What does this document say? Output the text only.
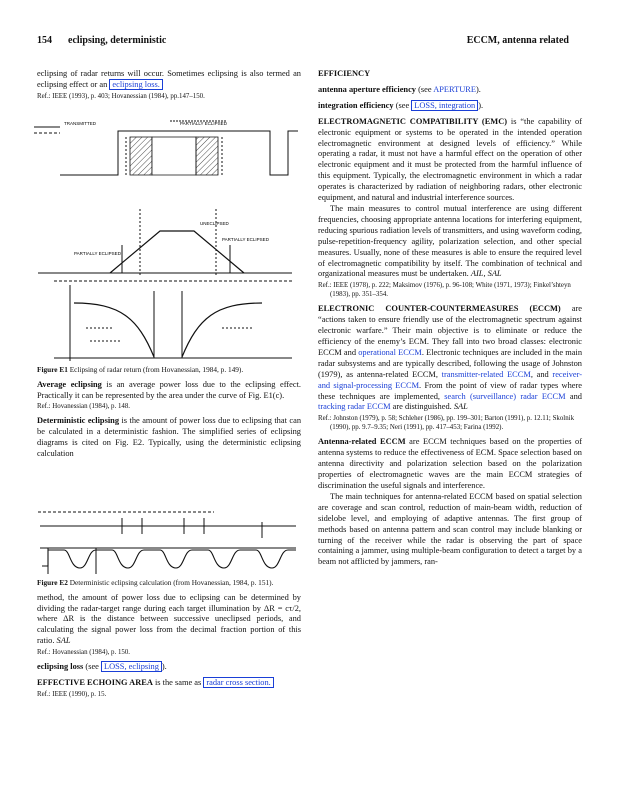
154 eclipsing, deterministic	ECCM, antenna related

eclipsing of radar returns will occur. Sometimes eclipsing is also termed an eclipsing effect or an eclipsing loss.

Ref.: IEEE (1993), p. 403; Hovanessian (1984), pp.147–150.
TRANSMITTED	PARTIALLY ECLIPSED
UNECLIPSED
PARTIALLY ECLIPSED
PARTIALLY ECLIPSED
Figure E1 Eclipsing of radar return (from Hovanessian, 1984, p. 149).

Average eclipsing is an average power loss due to the eclipsing effect. Practically it can be represented by the area under the curve of Fig. E1(c).

Ref.: Hovanessian (1984), p. 148.

Deterministic eclipsing is the amount of power loss due to eclipsing that can be calculated in a deterministic fashion. The simplified series of eclipsing diagrams is cited on Fig. E2. Typically, using the deterministic eclipsing calculation

Figure E2 Deterministic eclipsing calculation (from Hovanessian, 1984, p. 151).

method, the amount of power loss due to eclipsing can be determined by dividing the radar-target range during each target illumination by ΔR = cτ/2, where ΔR is the distance between successive uneclipsed periods, and calculating the signal power loss from the decimal fraction portion of this ratio. SAL

Ref.: Hovanessian (1984), p. 150.

eclipsing loss (see LOSS, eclipsing ).

EFFECTIVE ECHOING AREA is the same as radar cross section.

Ref.: IEEE (1990), p. 15.

EFFICIENCY

antenna aperture efficiency (see APERTURE).

integration efficiency (see LOSS, integration ).

ELECTROMAGNETIC COMPATIBILITY (EMC) is “the capability of electronic equipment or systems to be operated in the intended operation electromagnetic environment at designed levels of efficiency.” While operating a radar, it must not have a harmful effect on the operation of other electronic equipment and it must be protected from the harmful influence of this equipment. Typically, the electromagnetic environment in which a radar operates is characterized by radiation of neighboring radars, other electronic equipment, and natural and industrial interference sources.

The main measures to control mutual interference are using different frequencies, choosing appropriate antenna locations for interfering equipment, reducing spurious radiation levels of transmitters, and using waveform coding, pulse-repetition-frequency agility, polarization selection, and other special measures. Usually, none of these measures is able to ensure the required level of electromagnetic compatibility by itself. The combination of technical and organizational measures must be undertaken. AIL, SAL

Ref.: IEEE (1978), p. 222; Maksimov (1976), p. 96-108; White (1971, 1973); Finkel’shteyn (1983), pp. 351–354.

ELECTRONIC COUNTER-COUNTERMEASURES (ECCM) are “actions taken to ensure friendly use of the electromagnetic spectrum against electronic warfare.” Their main objective is to eliminate or reduce the efficiency of the enemy’s ECM. They fall into two broad classes: electronic ECCM and operational ECCM. Electronic techniques are included in the main radar subsystems and are typically described, following the usage of Johnston (1979), as antenna-related ECCM, transmitter-related ECCM, and receiver- and signal-processing ECCM. From the point of view of radar types where these techniques are implemented, search (surveillance) radar ECCM and tracking radar ECCM are distinguished. SAL

Ref.: Johnston (1979), p. 58; Schleher (1986), pp. 199–301; Barton (1991), p. 12.11; Skolnik (1990), pp. 9.7–9.35; Neri (1991), pp. 417–453; Farina (1992).

Antenna-related ECCM are ECCM techniques based on the properties of antenna systems to reduce the effectiveness of ECM. Space selection based on antenna directivity and polarization selection based on the polarization properties of electromagnetic waves are the main ECCM strategies of discrimination the useful signals and interference.

The main techniques for antenna-related ECCM based on spatial selection are coverage and scan control, reduction of main-beam width, reduction of sidelobe level, and employing of adaptive antennas. The first group of methods based on antenna pattern and scan control may include blanking or turning of the receiver while the radar is observing the part of space containing a jammer, using multiple-beam configuration to detect a target by a beam not afflicted by jammers, ran-
